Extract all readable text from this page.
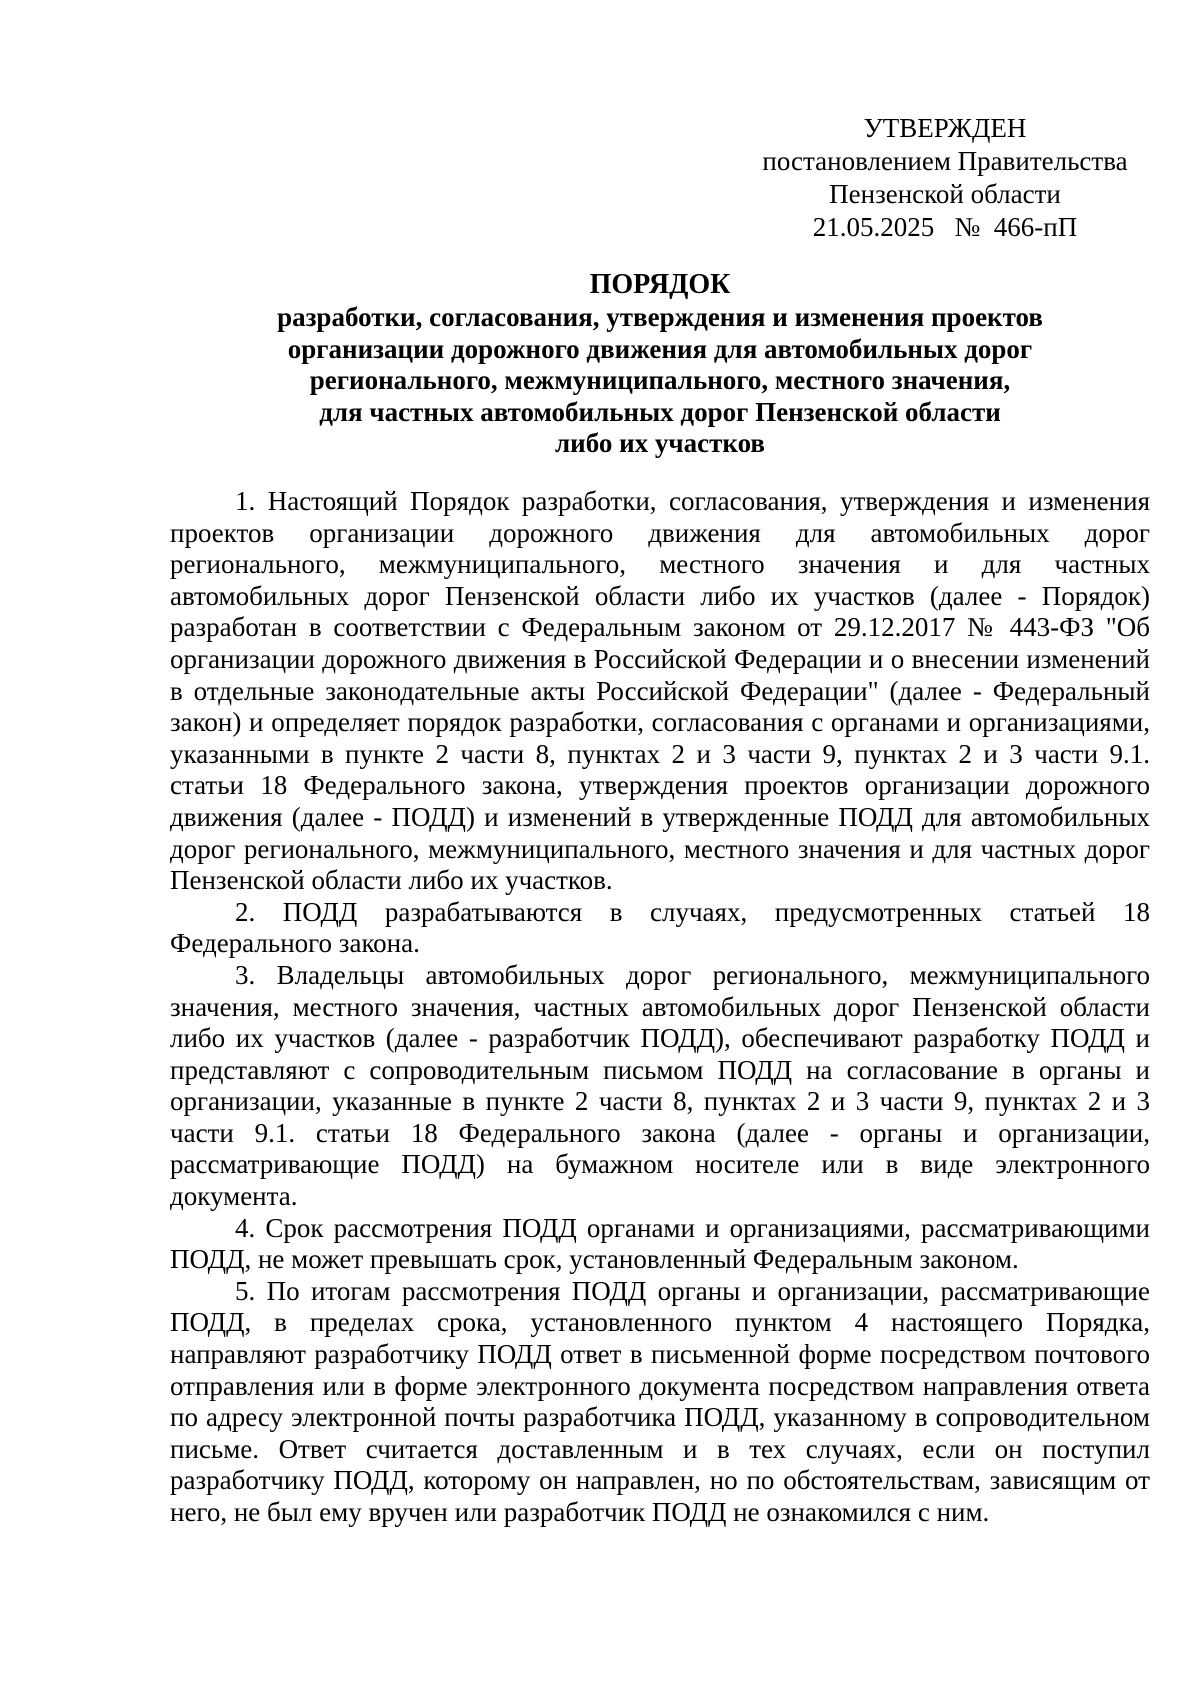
УТВЕРЖДЕН
постановлением Правительства
Пензенской области
21.05.2025   №  466-пП
ПОРЯДОК
разработки, согласования, утверждения и изменения проектов
организации дорожного движения для автомобильных дорог
регионального, межмуниципального, местного значения,
для частных автомобильных дорог Пензенской области
либо их участков

1. Настоящий Порядок разработки, согласования, утверждения и изменения проектов организации дорожного движения для автомобильных дорог регионального, межмуниципального, местного значения и для частных автомобильных дорог Пензенской области либо их участков (далее - Порядок) разработан в соответствии с Федеральным законом от 29.12.2017 № 443-ФЗ "Об организации дорожного движения в Российской Федерации и о внесении изменений в отдельные законодательные акты Российской Федерации" (далее - Федеральный закон) и определяет порядок разработки, согласования с органами и организациями, указанными в пункте 2 части 8, пунктах 2 и 3 части 9, пунктах 2 и 3 части 9.1. статьи 18 Федерального закона, утверждения проектов организации дорожного движения (далее - ПОДД) и изменений в утвержденные ПОДД для автомобильных дорог регионального, межмуниципального, местного значения и для частных дорог Пензенской области либо их участков.

2. ПОДД разрабатываются в случаях, предусмотренных статьей 18 Федерального закона.

3. Владельцы автомобильных дорог регионального, межмуниципального значения, местного значения, частных автомобильных дорог Пензенской области либо их участков (далее - разработчик ПОДД), обеспечивают разработку ПОДД и представляют с сопроводительным письмом ПОДД на согласование в органы и организации, указанные в пункте 2 части 8, пунктах 2 и 3 части 9, пунктах 2 и 3 части 9.1. статьи 18 Федерального закона (далее - органы и организации, рассматривающие ПОДД) на бумажном носителе или в виде электронного документа.

4. Срок рассмотрения ПОДД органами и организациями, рассматривающими ПОДД, не может превышать срок, установленный Федеральным законом.

5. По итогам рассмотрения ПОДД органы и организации, рассматривающие ПОДД, в пределах срока, установленного пунктом 4 настоящего Порядка, направляют разработчику ПОДД ответ в письменной форме посредством почтового отправления или в форме электронного документа посредством направления ответа по адресу электронной почты разработчика ПОДД, указанному в сопроводительном письме. Ответ считается доставленным и в тех случаях, если он поступил разработчику ПОДД, которому он направлен, но по обстоятельствам, зависящим от него, не был ему вручен или разработчик ПОДД не ознакомился с ним.
